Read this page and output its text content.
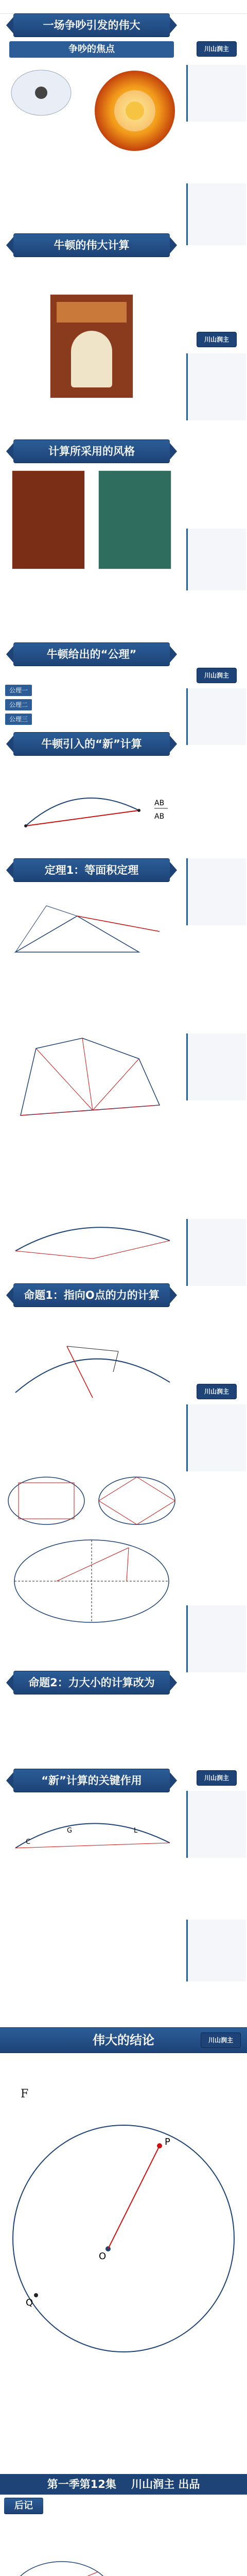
一场争吵引发的伟大
争吵的焦点

牛顿的伟大计算

计算所采用的风格

牛顿给出的“公理”

公理一
公理二
公理三
牛顿引入的“新”计算

AB
AB

定理1：等面积定理

命题1：指向O点的力的计算

命题2：力大小的计算改为

“新”计算的关键作用
C
G	L

川山润主
川山润主
川山润主
川山润主
川山润主
伟大的结论	川山润主

F
O
P
Q
第一季第12集 川山润主 出品
后记
